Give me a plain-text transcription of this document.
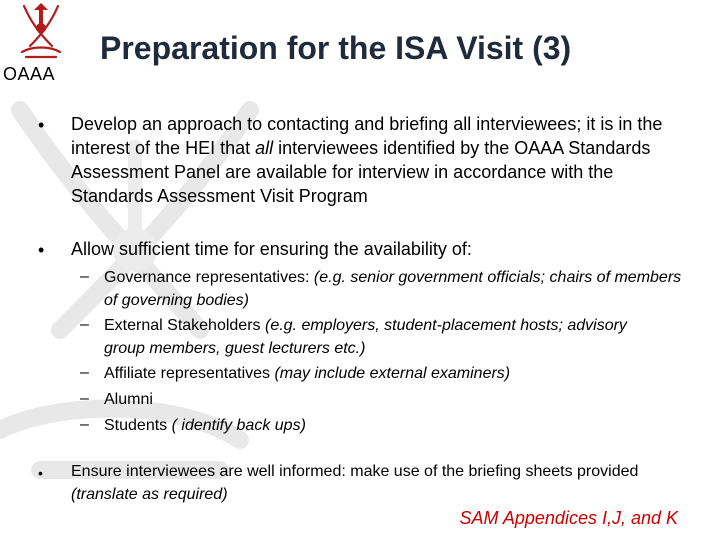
OAAA
Preparation for the ISA Visit (3)
• Develop an approach to contacting and briefing all interviewees; it is in the interest of the HEI that all interviewees identified by the OAAA Standards Assessment Panel are available for interview in accordance with the Standards Assessment Visit Program
• Allow sufficient time for ensuring the availability of:
– Governance representatives: (e.g. senior government officials; chairs of members of governing bodies)
– External Stakeholders (e.g. employers, student-placement hosts; advisory group members, guest lecturers etc.)
– Affiliate representatives (may include external examiners)
– Alumni
– Students ( identify back ups)
• Ensure interviewees are well informed: make use of the briefing sheets provided (translate as required)
SAM Appendices I,J, and K
